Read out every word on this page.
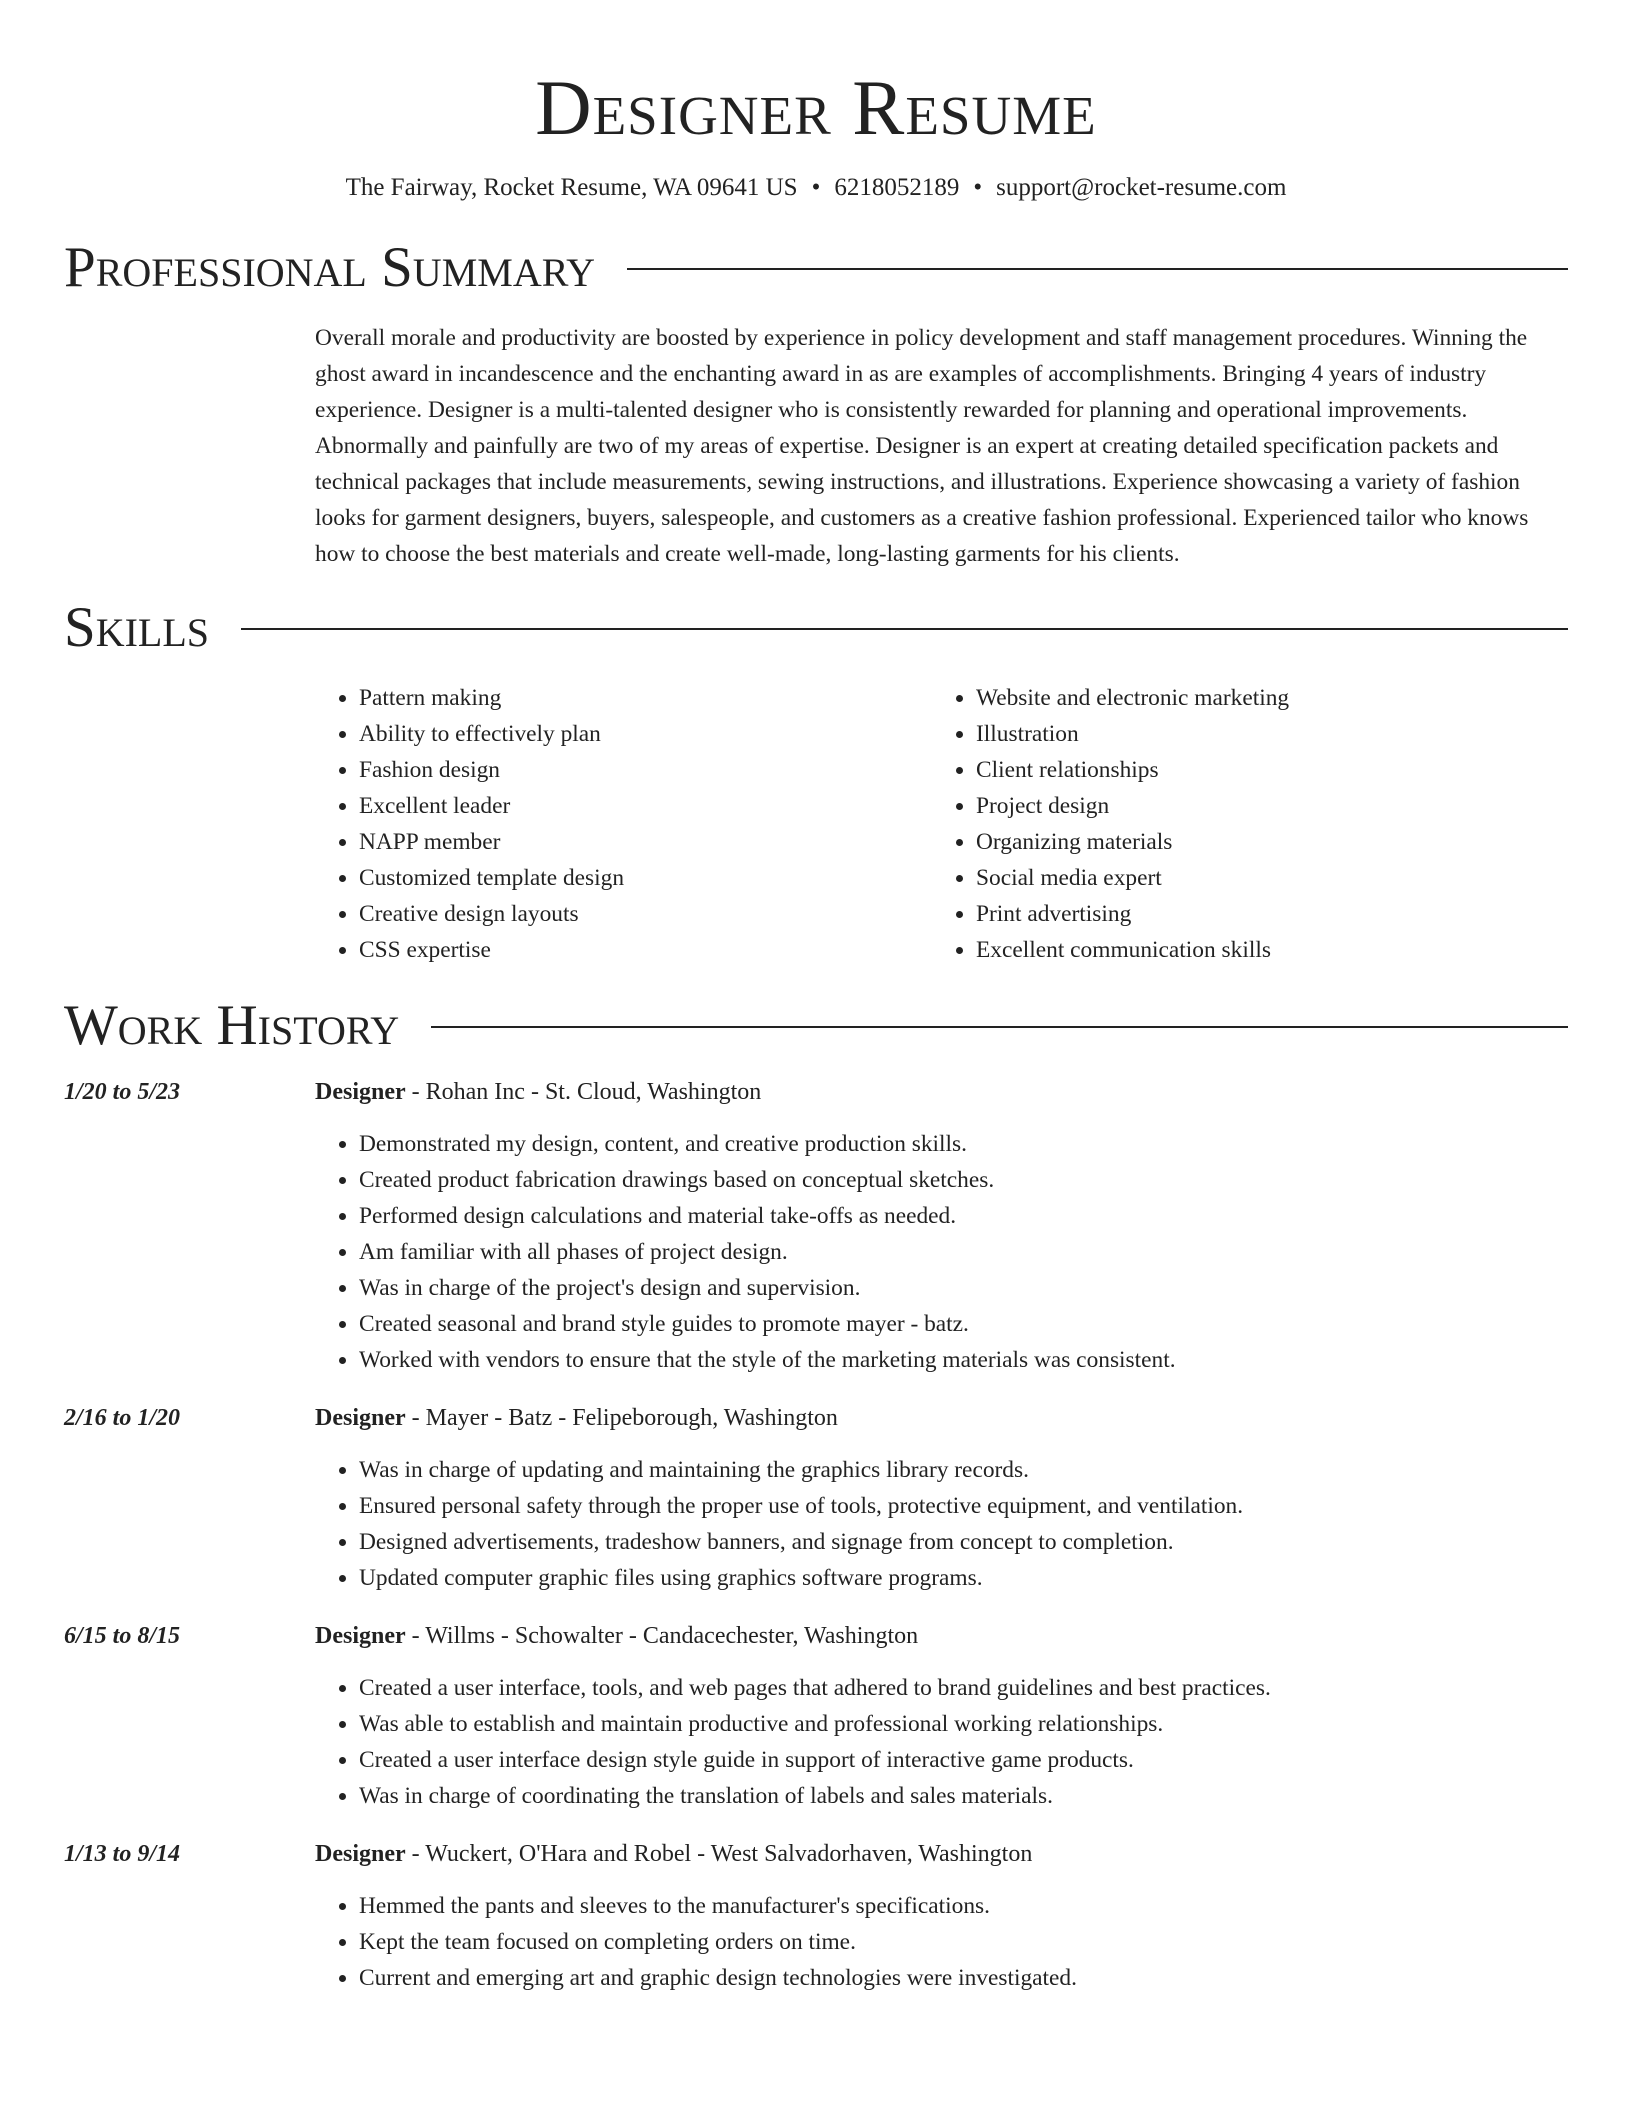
Designer Resume
The Fairway, Rocket Resume, WA 09641 US • 6218052189 • support@rocket-resume.com
Professional Summary
Overall morale and productivity are boosted by experience in policy development and staff management procedures. Winning the ghost award in incandescence and the enchanting award in as are examples of accomplishments. Bringing 4 years of industry experience. Designer is a multi-talented designer who is consistently rewarded for planning and operational improvements. Abnormally and painfully are two of my areas of expertise. Designer is an expert at creating detailed specification packets and technical packages that include measurements, sewing instructions, and illustrations. Experience showcasing a variety of fashion looks for garment designers, buyers, salespeople, and customers as a creative fashion professional. Experienced tailor who knows how to choose the best materials and create well-made, long-lasting garments for his clients.
Skills
• Pattern making
• Ability to effectively plan
• Fashion design
• Excellent leader
• NAPP member
• Customized template design
• Creative design layouts
• CSS expertise
• Website and electronic marketing
• Illustration
• Client relationships
• Project design
• Organizing materials
• Social media expert
• Print advertising
• Excellent communication skills
Work History
1/20 to 5/23	Designer - Rohan Inc - St. Cloud, Washington
• Demonstrated my design, content, and creative production skills.
• Created product fabrication drawings based on conceptual sketches.
• Performed design calculations and material take-offs as needed.
• Am familiar with all phases of project design.
• Was in charge of the project's design and supervision.
• Created seasonal and brand style guides to promote mayer - batz.
• Worked with vendors to ensure that the style of the marketing materials was consistent.
2/16 to 1/20	Designer - Mayer - Batz - Felipeborough, Washington
• Was in charge of updating and maintaining the graphics library records.
• Ensured personal safety through the proper use of tools, protective equipment, and ventilation.
• Designed advertisements, tradeshow banners, and signage from concept to completion.
• Updated computer graphic files using graphics software programs.
6/15 to 8/15	Designer - Willms - Schowalter - Candacechester, Washington
• Created a user interface, tools, and web pages that adhered to brand guidelines and best practices.
• Was able to establish and maintain productive and professional working relationships.
• Created a user interface design style guide in support of interactive game products.
• Was in charge of coordinating the translation of labels and sales materials.
1/13 to 9/14	Designer - Wuckert, O'Hara and Robel - West Salvadorhaven, Washington
• Hemmed the pants and sleeves to the manufacturer's specifications.
• Kept the team focused on completing orders on time.
• Current and emerging art and graphic design technologies were investigated.
